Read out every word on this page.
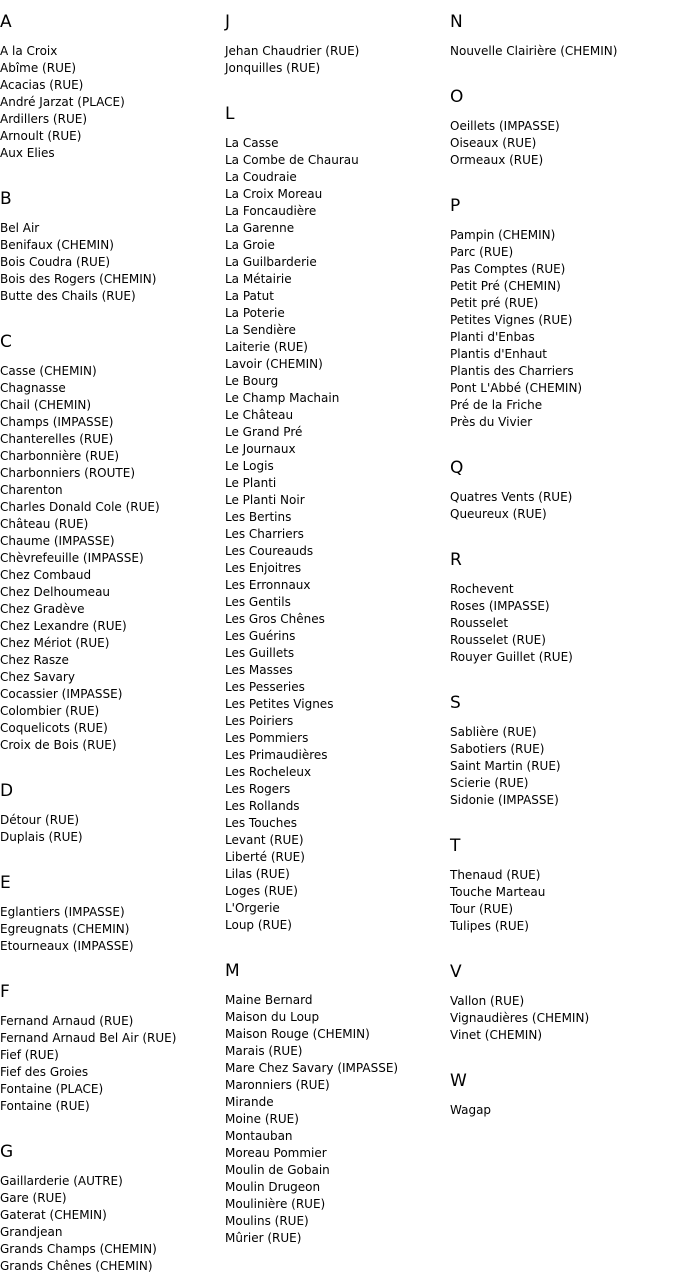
A
A la Croix
Abîme (RUE)
Acacias (RUE)
André Jarzat (PLACE)
Ardillers (RUE)
Arnoult (RUE)
Aux Elies
B
Bel Air
Benifaux (CHEMIN)
Bois Coudra (RUE)
Bois des Rogers (CHEMIN)
Butte des Chails (RUE)
C
Casse (CHEMIN)
Chagnasse
Chail (CHEMIN)
Champs (IMPASSE)
Chanterelles (RUE)
Charbonnière (RUE)
Charbonniers (ROUTE)
Charenton
Charles Donald Cole (RUE)
Château (RUE)
Chaume (IMPASSE)
Chèvrefeuille (IMPASSE)
Chez Combaud
Chez Delhoumeau
Chez Gradève
Chez Lexandre (RUE)
Chez Mériot (RUE)
Chez Rasze
Chez Savary
Cocassier (IMPASSE)
Colombier (RUE)
Coquelicots (RUE)
Croix de Bois (RUE)
D
Détour (RUE)
Duplais (RUE)
E
Eglantiers (IMPASSE)
Egreugnats (CHEMIN)
Etourneaux (IMPASSE)
F
Fernand Arnaud (RUE)
Fernand Arnaud Bel Air (RUE)
Fief (RUE)
Fief des Groies
Fontaine (PLACE)
Fontaine (RUE)
G
Gaillarderie (AUTRE)
Gare (RUE)
Gaterat (CHEMIN)
Grandjean
Grands Champs (CHEMIN)
Grands Chênes (CHEMIN)
J
Jehan Chaudrier (RUE)
Jonquilles (RUE)
L
La Casse
La Combe de Chaurau
La Coudraie
La Croix Moreau
La Foncaudière
La Garenne
La Groie
La Guilbarderie
La Métairie
La Patut
La Poterie
La Sendière
Laiterie (RUE)
Lavoir (CHEMIN)
Le Bourg
Le Champ Machain
Le Château
Le Grand Pré
Le Journaux
Le Logis
Le Planti
Le Planti Noir
Les Bertins
Les Charriers
Les Coureauds
Les Enjoitres
Les Erronnaux
Les Gentils
Les Gros Chênes
Les Guérins
Les Guillets
Les Masses
Les Pesseries
Les Petites Vignes
Les Poiriers
Les Pommiers
Les Primaudières
Les Rocheleux
Les Rogers
Les Rollands
Les Touches
Levant (RUE)
Liberté (RUE)
Lilas (RUE)
Loges (RUE)
L'Orgerie
Loup (RUE)
M
Maine Bernard
Maison du Loup
Maison Rouge (CHEMIN)
Marais (RUE)
Mare Chez Savary (IMPASSE)
Maronniers (RUE)
Mirande
Moine (RUE)
Montauban
Moreau Pommier
Moulin de Gobain
Moulin Drugeon
Moulinière (RUE)
Moulins (RUE)
Mûrier (RUE)
N
Nouvelle Clairière (CHEMIN)
O
Oeillets (IMPASSE)
Oiseaux (RUE)
Ormeaux (RUE)
P
Pampin (CHEMIN)
Parc (RUE)
Pas Comptes (RUE)
Petit Pré (CHEMIN)
Petit pré (RUE)
Petites Vignes (RUE)
Planti d'Enbas
Plantis d'Enhaut
Plantis des Charriers
Pont L'Abbé (CHEMIN)
Pré de la Friche
Près du Vivier
Q
Quatres Vents (RUE)
Queureux (RUE)
R
Rochevent
Roses (IMPASSE)
Rousselet
Rousselet (RUE)
Rouyer Guillet (RUE)
S
Sablière (RUE)
Sabotiers (RUE)
Saint Martin (RUE)
Scierie (RUE)
Sidonie (IMPASSE)
T
Thenaud (RUE)
Touche Marteau
Tour (RUE)
Tulipes (RUE)
V
Vallon (RUE)
Vignaudières (CHEMIN)
Vinet (CHEMIN)
W
Wagap
